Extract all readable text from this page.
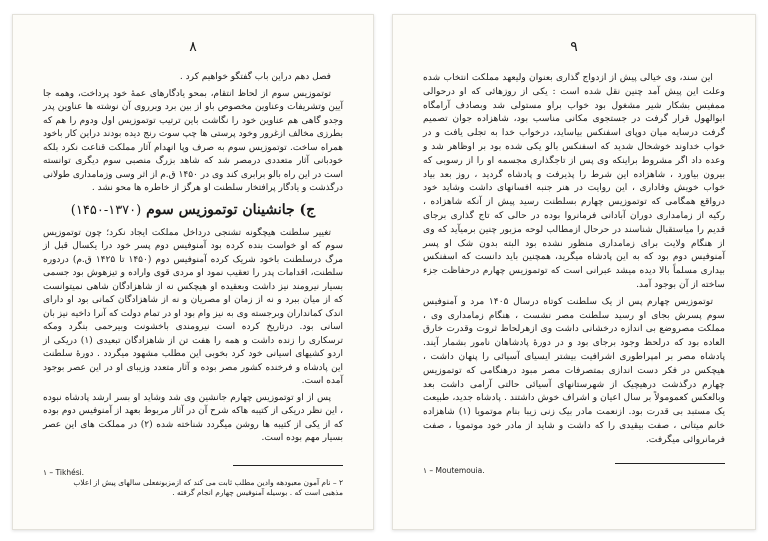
۸

فصل دهم دراین باب گفتگو خواهیم کرد .

توتموزیس سوم از لحاظ انتقام، بمحو یادگارهای عمهٔ خود پرداخت، وهمه جا آیین وتشریفات وعناوین مخصوص باو از بین برد وبرروی آن نوشته ها عناوین پدر وجدو گاهی هم عناوین خود را نگاشت باین ترتیب توتموزیس اول ودوم را هم که بطرزی مخالف ازغرور وخود پرستی ها چپ سوت رنج دیده بودند دراین کار باخود همراه ساخت. توتموزیس سوم به صرف وپا انهدام آثار مملکت قناعت نکرد بلکه خودبانی آثار متعددی درمصر شد که شاهد بزرگ منصبی سوم دیگری توانسته است در این راه بالو برابری کند وی در ۱۴۵۰ ق.م از اثر وسی وزمامداری طولانی درگذشت و یادگار پرافتخار سلطنت او هرگز از خاطره ها محو نشد .

ج) جانشینان توتموزیس سوم (۱۳۷۰-۱۴۵۰)

تغییر سلطنت هیچگونه تشنجی درداخل مملکت ایجاد نکرد؛ چون توتموزیس سوم که او خواست بنده کرده بود آمنوفیس دوم پسر خود درا یکسال قبل از مرگ درسلطنت باخود شریک کرده آمنوفیس دوم (۱۴۵۰ تا ۱۴۲۵ ق.م) دردوره سلطنت، اقدامات پدر را تعقیب نمود او مردی قوی واراده و تیزهوش بود جسمی بسیار نیرومند نیز داشت وبعقیده او هیچکس نه از شاهزادگان شاهی نمیتوانست که از میان ببرد و نه از زمان او مصریان و نه از شاهزادگان کمانی بود او دارای اندک کمانداران وبرجسته وی به نیز وام بود او در تمام دولت که آنرا داخیه نیز بان اسانی بود. درتاریخ کرده است نیرومندی باخشونت وبیرحمی بنگرد ومکه ترسکاری را زنده داشت و همه را هفت تن از شاهزادگان تبعیدی (۱) دریکی از اردو کشیهای اسیانی خود کرد بخوبی این مطلب مشهود میگردد . دورهٔ سلطنت این پادشاه و فرخنده کشور مصر بوده و آثار متعدد وزیبای او در این عصر بوجود آمده است.

پس از او توتموزیس چهارم جانشین وی شد وشاید او بسر ارشد پادشاه نبوده ، این نظر دریکی از کتیبه هاکه شرح آن در آثار مربوط بعهد از آمنوفیس دوم بوده که از یکی از کتیبه ها روشن میگردد شناخته شده (۲) در مملکت های این عصر بسیار مهم بوده است.

۱ – Tikhési.
۲ – نام آمون معبودهه وادین مطلب ثابت می کند که ازمزبونفعلی سالهای پیش از اعلاب
مذهبی است که . بوسیله آمنوفیس چهارم انجام گرفته .
۹

این سند، وی خیالی پیش از ازدواج گذاری بعنوان ولیعهد مملکت انتخاب شده وعلت این پیش آمد چنین نقل شده است : یکی از روزهائی که او درحوالی ممفیس بشکار شیر مشغول بود خواب براو مستولی شد وبصادف آرامگاه ابوالهول قرار گرفت در جستجوی مکانی مناسب بود، شاهزاده جوان تصمیم گرفت درسایه میان دوپای اسفنکس بیاساید، درخواب خدا به تجلی یافت و در خواب خداوند خوشحال شدید که اسفنکس بالو یکی شده بود بر اوظاهر شد و وعده داد اگر مشروط براینکه وی پس از تاجگذاری مجسمه او را از رسوبی که بیرون بیاورد ، شاهزاده این شرط را پذیرفت و پادشاه گردید ، روز بعد بیاد خواب خویش وفاداری ، این روایت در هنر جنبه افسانهای داشت وشاید خود درواقع همگامی که توتموزیس چهارم بسلطنت رسید پیش از آنکه شاهزاده ، رکیه از زمامداری دوران آبادانی فرمانروا بوده در حالی که تاج گذاری برجای قدیم را میاستقبال شناسند در حرحال ازمطالب لوحه مزبور چنین برمیآید که وی از هنگام ولایت برای زمامداری منظور نشده بود البته بدون شک او پسر آمنوفیس دوم بود که به این پادشاه میگرید، همچنین باید دانست که اسفنکس بیداری مسلماً بالا دیده میشد عبرانی است که توتموزیس چهارم درحفاظت جزء ساخته از آن بوجود آمد.

توتموزیس چهارم پس از یک سلطنت کوتاه درسال ۱۴۰۵ مرد و آمنوفیس سوم پسرش بجای او رسید سلطنت مصر نشست ، هنگام زمامداری وی ، مملکت مصروضع بی اندازه درخشانی داشت وی ازهرلحاظ ثروت وقدرت خارق العاده بود که درلحظ وجود برجای بود و در دورهٔ پادشاهان نامور بشمار آیند. پادشاه مصر بر امپراطوری اشرافیت بیشتر ایسیای آسیائی را پنهان داشت ، هیچکس در فکر دست اندازی بمتصرفات مصر مبود درهنگامی که توتموزیس چهارم درگذشت درهیچیک از شهرستانهای آسیائی حالتی آرامی داشت بعد وبالعکس کعمومولاً بر سال اعیان و اشراف خوش داشتند . پادشاه جدید، طبیعت یک مستبد بی قدرت بود. ازنعمت مادر بیک زنی زیبا بنام موتمویا (۱) شاهزاده خانم میتانی ، صفت بیقیدی را که داشت و شاید از مادر خود موتمویا ، صفت فرمانروائی میگرفت.

۱ – Moutemouia.
